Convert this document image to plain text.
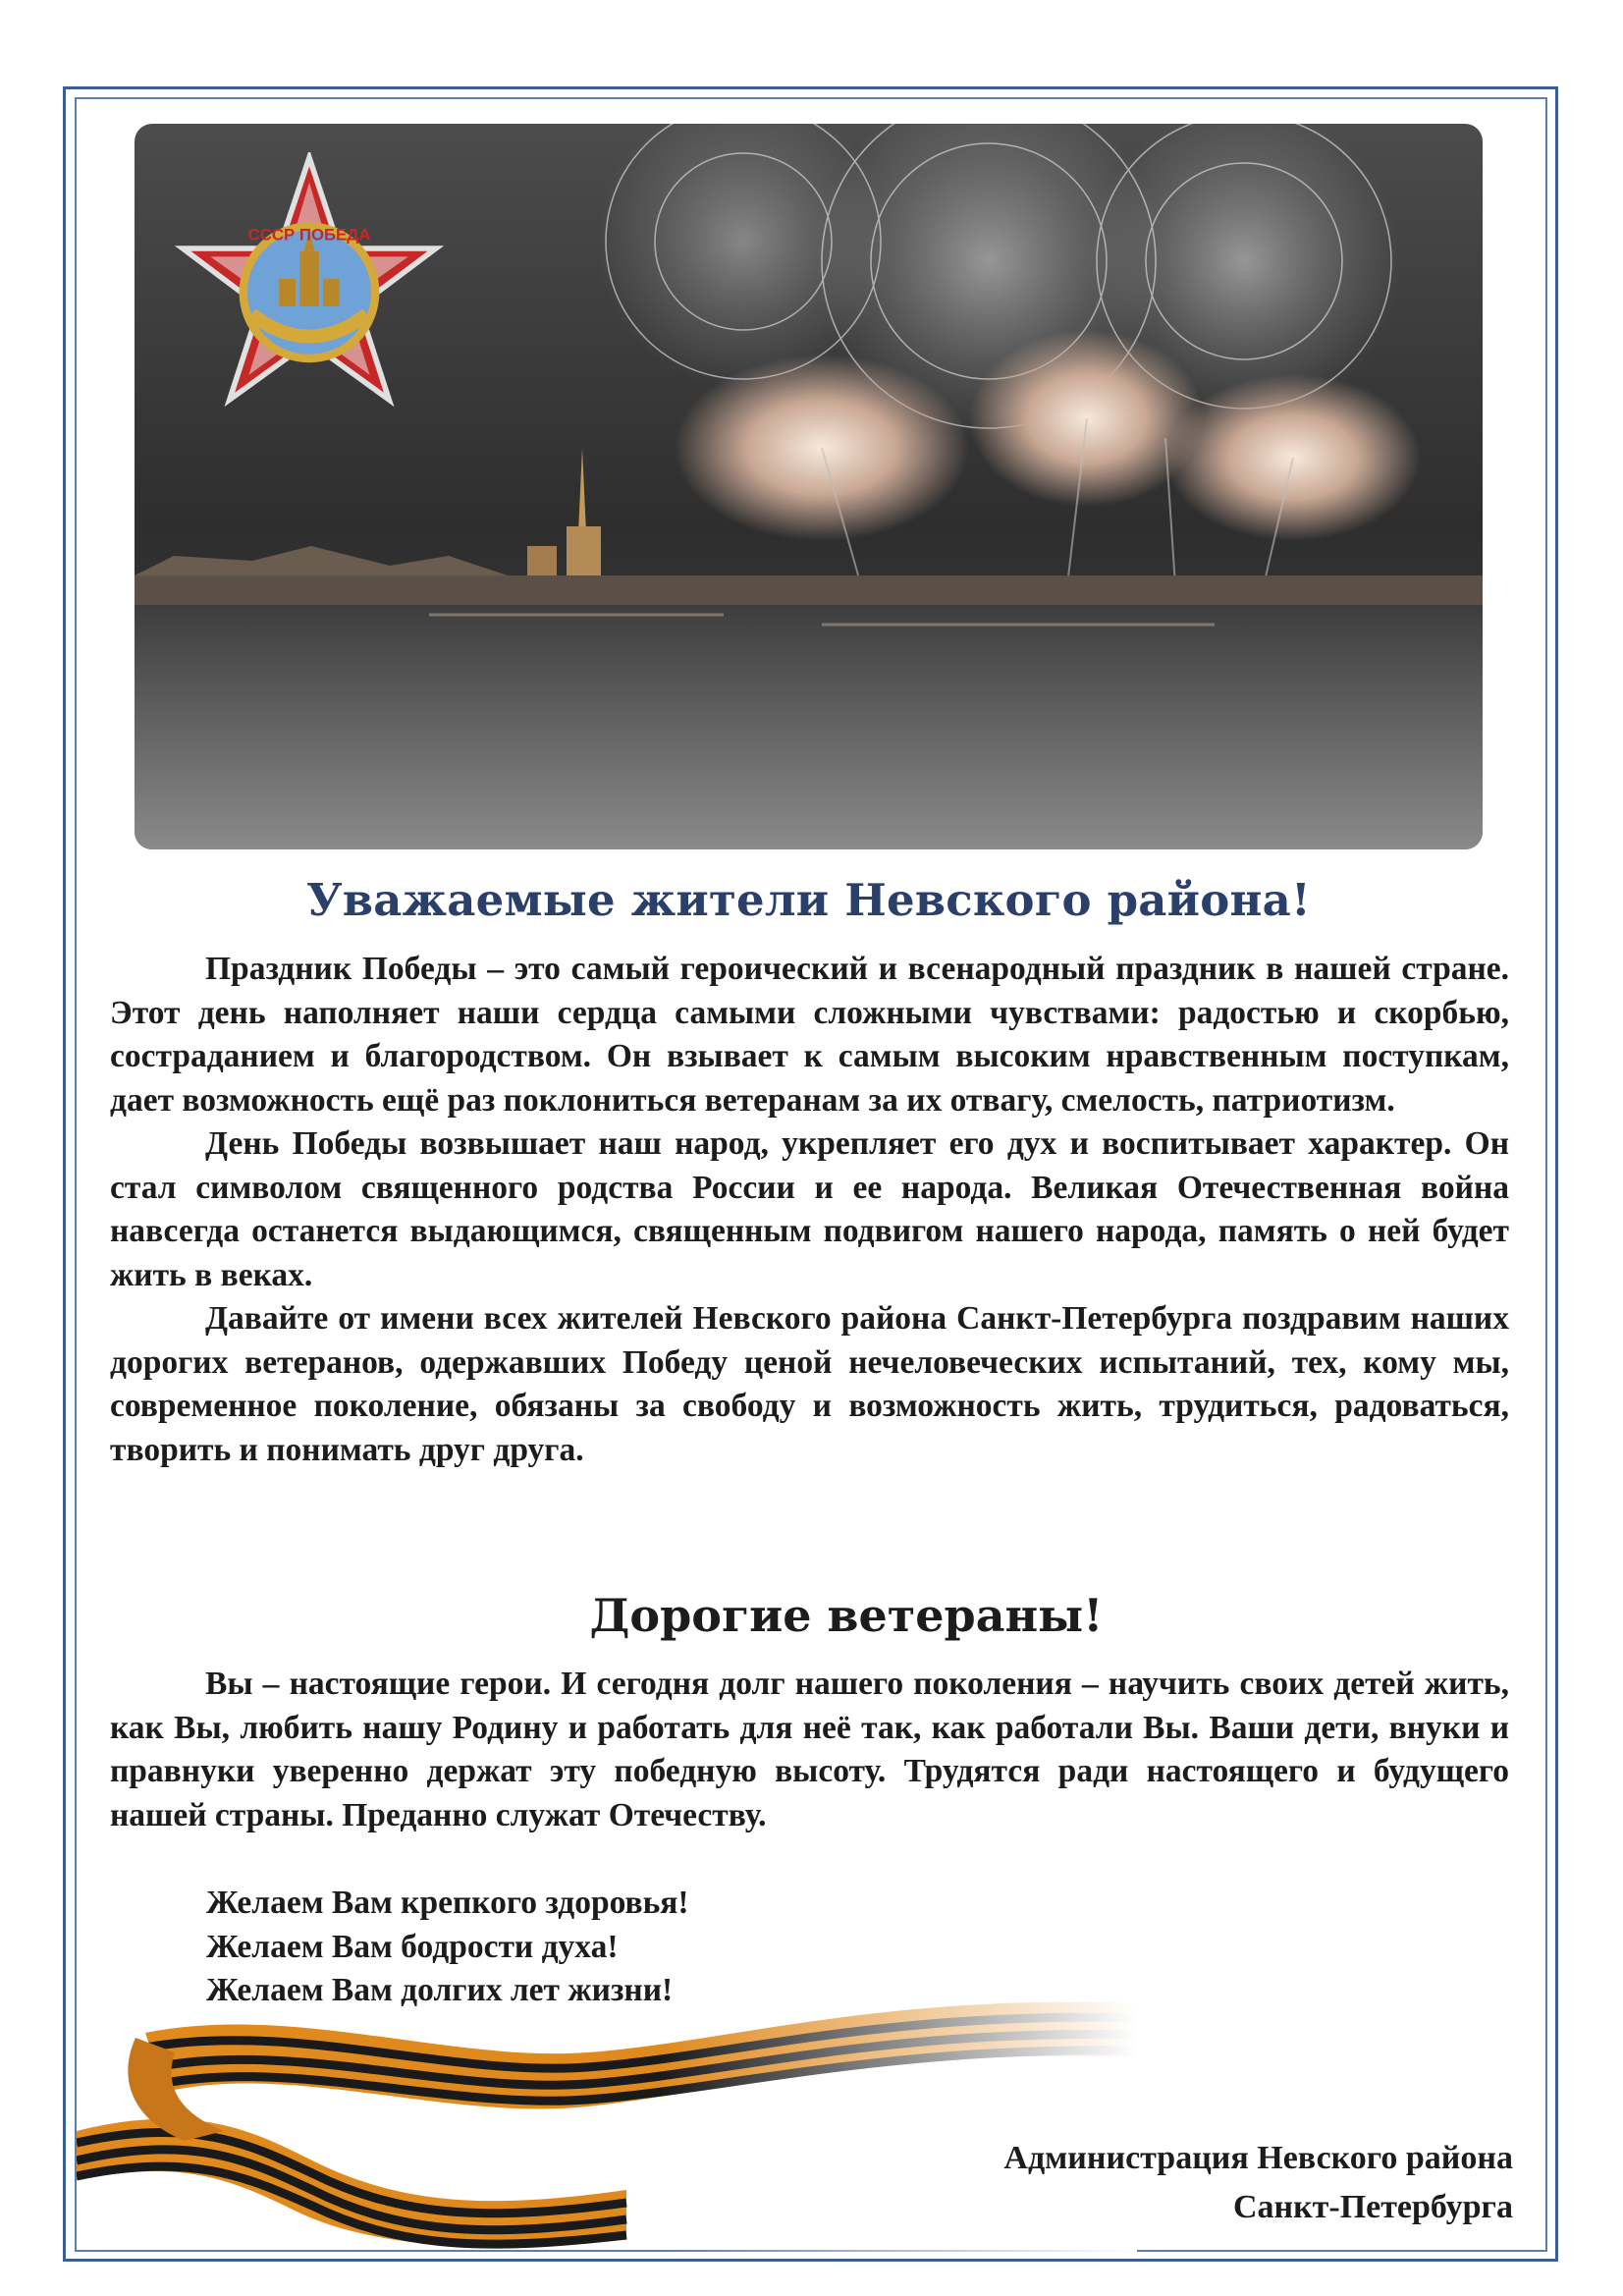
СССР ПОБЕДА
Уважаемые жители Невского района!

Праздник Победы – это самый героический и всенародный праздник в нашей стране. Этот день наполняет наши сердца самыми сложными чувствами: радостью и скорбью, состраданием и благородством. Он взывает к самым высоким нравственным поступкам, дает возможность ещё раз поклониться ветеранам за их отвагу, смелость, патриотизм.

День Победы возвышает наш народ, укрепляет его дух и воспитывает характер. Он стал символом священного родства России и ее народа. Великая Отечественная война навсегда останется выдающимся, священным подвигом нашего народа, память о ней будет жить в веках.

Давайте от имени всех жителей Невского района Санкт-Петербурга поздравим наших дорогих ветеранов, одержавших Победу ценой нечеловеческих испытаний, тех, кому мы, современное поколение, обязаны за свободу и возможность жить, трудиться, радоваться, творить и понимать друг друга.

Дорогие ветераны!

Вы – настоящие герои. И сегодня долг нашего поколения – научить своих детей жить, как Вы, любить нашу Родину и работать для неё так, как работали Вы. Ваши дети, внуки и правнуки уверенно держат эту победную высоту. Трудятся ради настоящего и будущего нашей страны. Преданно служат Отечеству.

Желаем Вам крепкого здоровья!
Желаем Вам бодрости духа!
Администрация Невского района
Санкт-Петербурга
